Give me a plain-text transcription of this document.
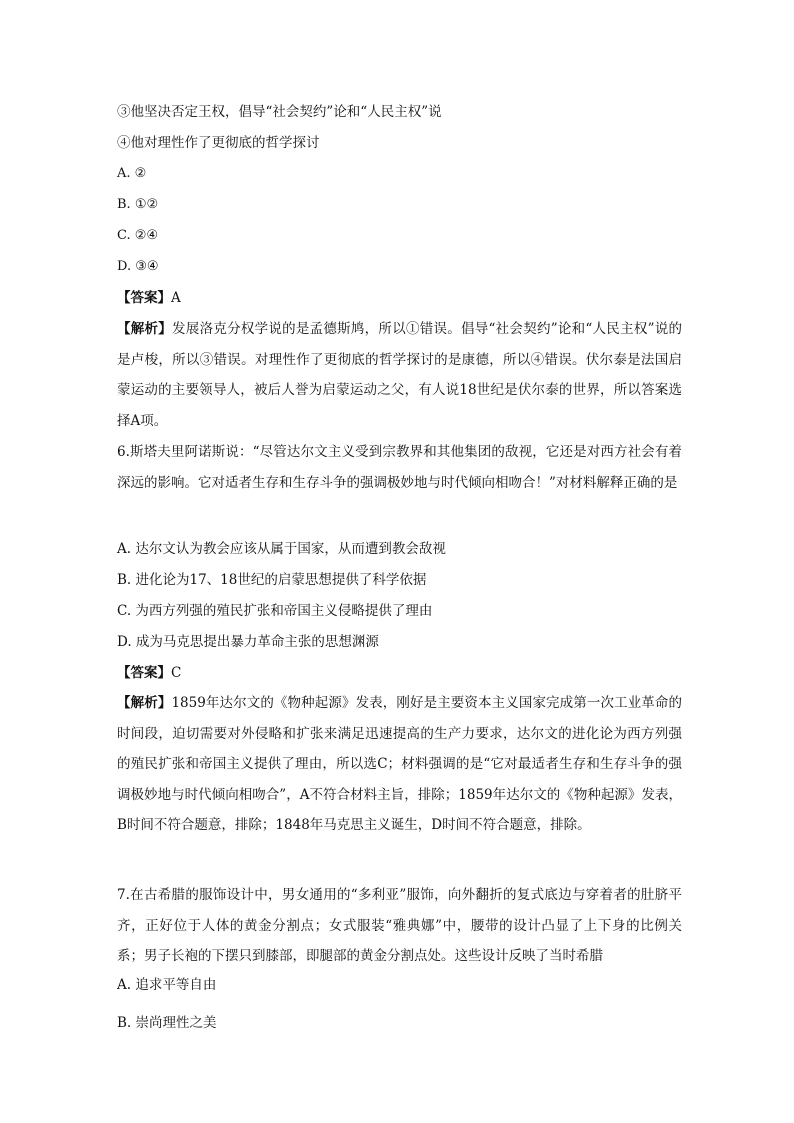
③他坚决否定王权，倡导“社会契约”论和“人民主权”说
④他对理性作了更彻底的哲学探讨
A. ②
B. ①②
C. ②④
D. ③④
【答案】A
【解析】发展洛克分权学说的是孟德斯鸠，所以①错误。倡导“社会契约”论和“人民主权”说的是卢梭，所以③错误。对理性作了更彻底的哲学探讨的是康德，所以④错误。伏尔泰是法国启蒙运动的主要领导人，被后人誉为启蒙运动之父，有人说18世纪是伏尔泰的世界，所以答案选择A项。
6.斯塔夫里阿诺斯说：“尽管达尔文主义受到宗教界和其他集团的敌视，它还是对西方社会有着深远的影响。它对适者生存和生存斗争的强调极妙地与时代倾向相吻合！”对材料解释正确的是
A. 达尔文认为教会应该从属于国家，从而遭到教会敌视
B. 进化论为17、18世纪的启蒙思想提供了科学依据
C. 为西方列强的殖民扩张和帝国主义侵略提供了理由
D. 成为马克思提出暴力革命主张的思想渊源
【答案】C
【解析】1859年达尔文的《物种起源》发表，刚好是主要资本主义国家完成第一次工业革命的时间段，迫切需要对外侵略和扩张来满足迅速提高的生产力要求，达尔文的进化论为西方列强的殖民扩张和帝国主义提供了理由，所以选C；材料强调的是“它对最适者生存和生存斗争的强调极妙地与时代倾向相吻合”，A不符合材料主旨，排除；1859年达尔文的《物种起源》发表，B时间不符合题意，排除；1848年马克思主义诞生，D时间不符合题意，排除。
7.在古希腊的服饰设计中，男女通用的“多利亚”服饰，向外翻折的复式底边与穿着者的肚脐平齐，正好位于人体的黄金分割点；女式服装“雅典娜”中，腰带的设计凸显了上下身的比例关系；男子长袍的下摆只到膝部，即腿部的黄金分割点处。这些设计反映了当时希腊
A. 追求平等自由
B. 崇尚理性之美
